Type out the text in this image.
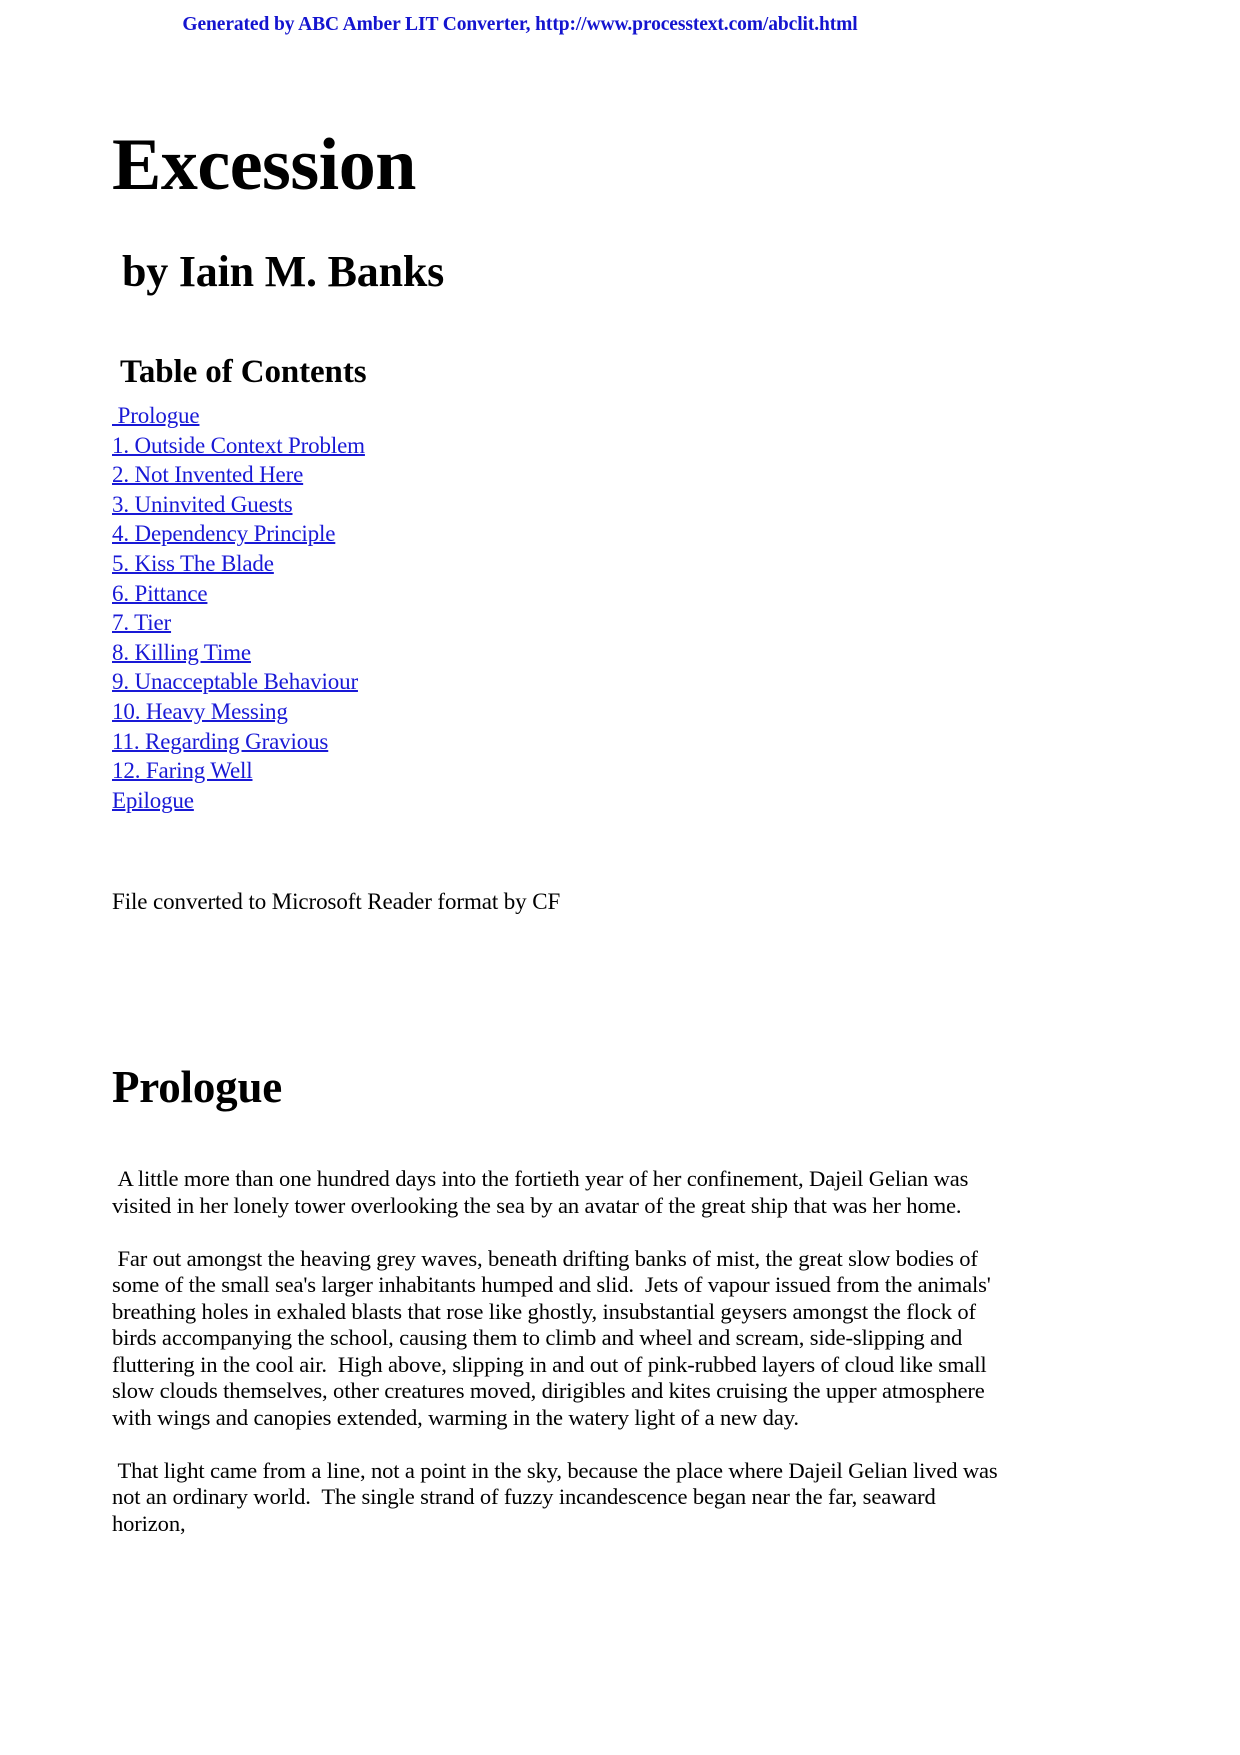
Generated by ABC Amber LIT Converter, http://www.processtext.com/abclit.html
Excession
by Iain M. Banks
Table of Contents
Prologue
1. Outside Context Problem
2. Not Invented Here
3. Uninvited Guests
4. Dependency Principle
5. Kiss The Blade
6. Pittance
7. Tier
8. Killing Time
9. Unacceptable Behaviour
10. Heavy Messing
11. Regarding Gravious
12. Faring Well
Epilogue

File converted to Microsoft Reader format by CF

Prologue

A little more than one hundred days into the fortieth year of her confinement, Dajeil Gelian was visited in her lonely tower overlooking the sea by an avatar of the great ship that was her home.

Far out amongst the heaving grey waves, beneath drifting banks of mist, the great slow bodies of some of the small sea's larger inhabitants humped and slid.  Jets of vapour issued from the animals' breathing holes in exhaled blasts that rose like ghostly, insubstantial geysers amongst the flock of birds accompanying the school, causing them to climb and wheel and scream, side-slipping and fluttering in the cool air.  High above, slipping in and out of pink-rubbed layers of cloud like small slow clouds themselves, other creatures moved, dirigibles and kites cruising the upper atmosphere with wings and canopies extended, warming in the watery light of a new day.

That light came from a line, not a point in the sky, because the place where Dajeil Gelian lived was not an ordinary world.  The single strand of fuzzy incandescence began near the far, seaward horizon,
